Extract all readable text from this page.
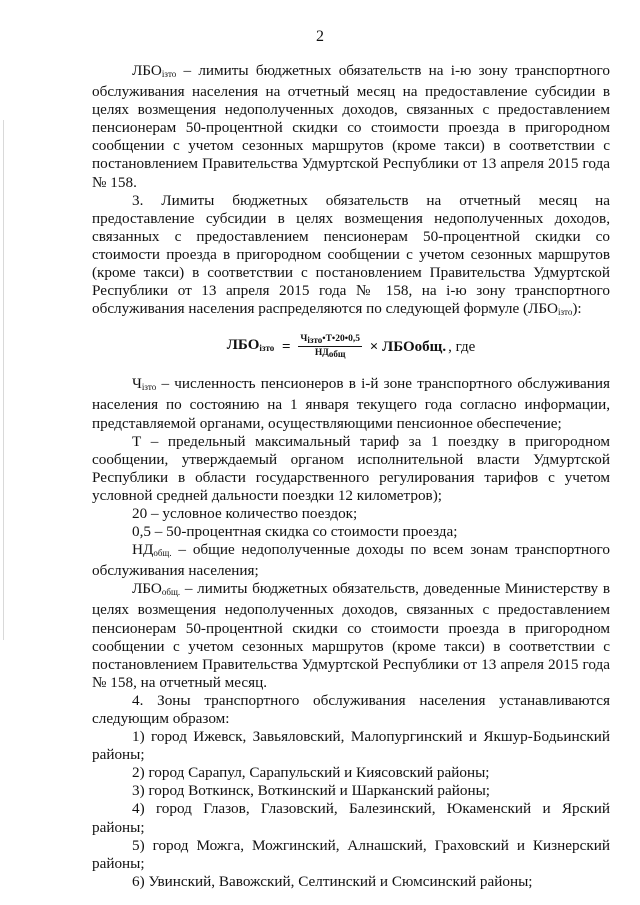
2

$ЛБО_{iзто}$ – лимиты бюджетных обязательств на i-ю зону транспортного обслуживания населения на отчетный месяц на предоставление субсидии в целях возмещения недополученных доходов, связанных с предоставлением пенсионерам 50-процентной скидки со стоимости проезда в пригородном сообщении с учетом сезонных маршрутов (кроме такси) в соответствии с постановлением Правительства Удмуртской Республики от 13 апреля 2015 года № 158.

3. Лимиты бюджетных обязательств на отчетный месяц на предоставление субсидии в целях возмещения недополученных доходов, связанных с предоставлением пенсионерам 50-процентной скидки со стоимости проезда в пригородном сообщении с учетом сезонных маршрутов (кроме такси) в соответствии с постановлением Правительства Удмуртской Республики от 13 апреля 2015 года № 158, на i-ю зону транспортного обслуживания населения распределяются по следующей формуле $(ЛБО_{iзто})$:

$ЛБО_{iзто} = \frac{\text{Чiзто•Т•20•0,5}}{\text{НДобщ}}$ × ЛБОобщ. , где

$Ч_{iзто}$ – численность пенсионеров в i-й зоне транспортного обслуживания населения по состоянию на 1 января текущего года согласно информации, представляемой органами, осуществляющими пенсионное обеспечение;

Т – предельный максимальный тариф за 1 поездку в пригородном сообщении, утверждаемый органом исполнительной власти Удмуртской Республики в области государственного регулирования тарифов с учетом условной средней дальности поездки 12 километров);

20 – условное количество поездок;

0,5 – 50-процентная скидка со стоимости проезда;

$НД_{общ.}$ – общие недополученные доходы по всем зонам транспортного обслуживания населения;

$ЛБО_{общ.}$ – лимиты бюджетных обязательств, доведенные Министерству в целях возмещения недополученных доходов, связанных с предоставлением пенсионерам 50-процентной скидки со стоимости проезда в пригородном сообщении с учетом сезонных маршрутов (кроме такси) в соответствии с постановлением Правительства Удмуртской Республики от 13 апреля 2015 года № 158, на отчетный месяц.

4. Зоны транспортного обслуживания населения устанавливаются следующим образом:

1) город Ижевск, Завьяловский, Малопургинский и Якшур-Бодьинский районы;

2) город Сарапул, Сарапульский и Киясовский районы;

3) город Воткинск, Воткинский и Шарканский районы;

4) город Глазов, Глазовский, Балезинский, Юкаменский и Ярский районы;

5) город Можга, Можгинский, Алнашский, Граховский и Кизнерский районы;

6) Увинский, Вавожский, Селтинский и Сюмсинский районы;
